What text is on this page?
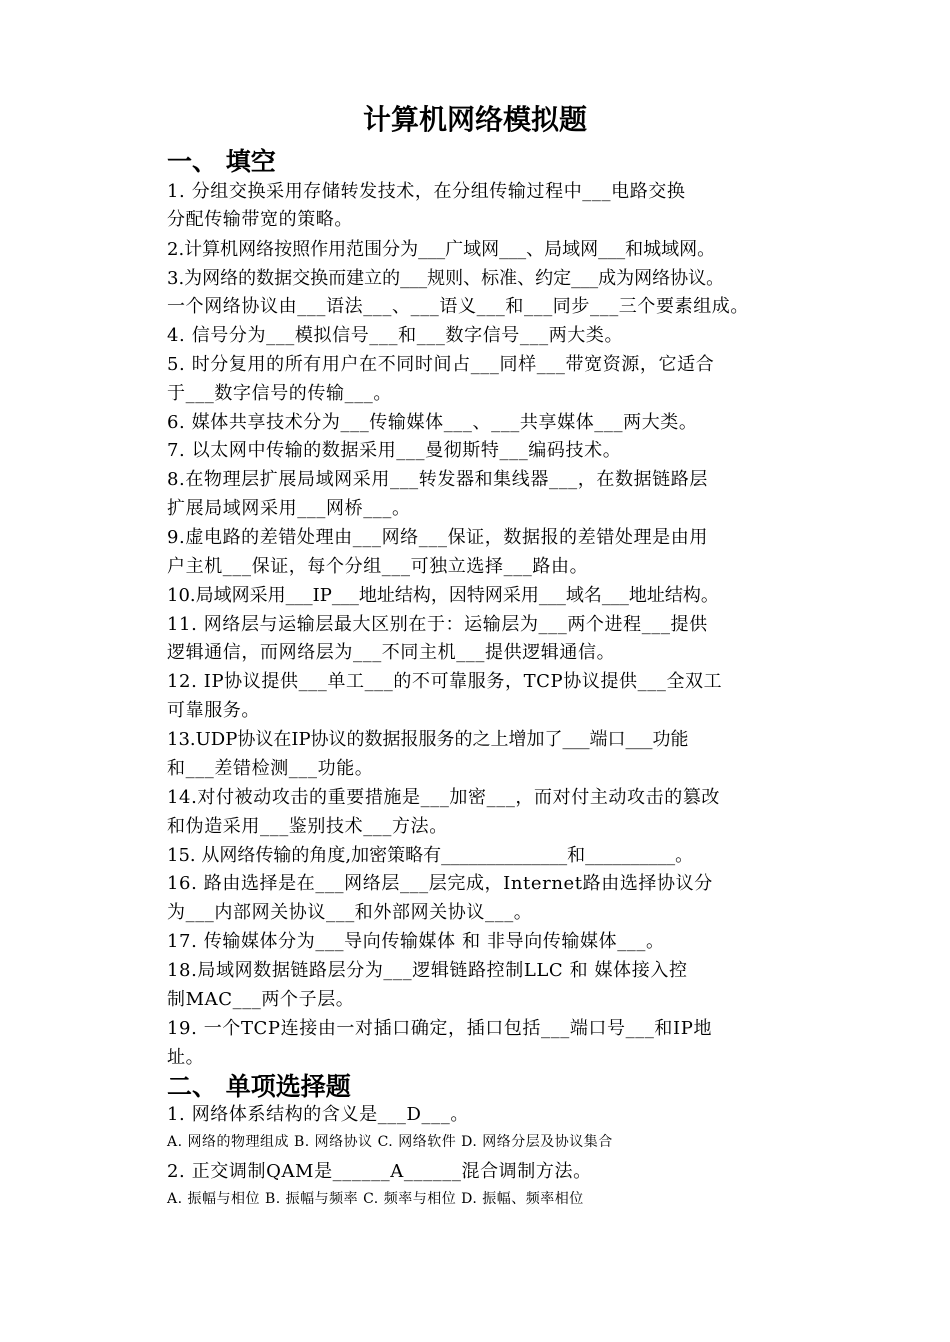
计算机网络模拟题
一、 填空
1. 分组交换采用存储转发技术，在分组传输过程中___电路交换
分配传输带宽的策略。
2.计算机网络按照作用范围分为___广域网___、局域网___和城域网。
3.为网络的数据交换而建立的___规则、标准、约定___成为网络协议。
一个网络协议由___语法___、___语义___和___同步___三个要素组成。
4. 信号分为___模拟信号___和___数字信号___两大类。
5. 时分复用的所有用户在不同时间占___同样___带宽资源，它适合
于___数字信号的传输___。
6. 媒体共享技术分为___传输媒体___、___共享媒体___两大类。
7. 以太网中传输的数据采用___曼彻斯特___编码技术。
8.在物理层扩展局域网采用___转发器和集线器___，在数据链路层
扩展局域网采用___网桥___。
9.虚电路的差错处理由___网络___保证，数据报的差错处理是由用
户主机___保证，每个分组___可独立选择___路由。
10.局域网采用___IP___地址结构，因特网采用___域名___地址结构。
11. 网络层与运输层最大区别在于：运输层为___两个进程___提供
逻辑通信，而网络层为___不同主机___提供逻辑通信。
12. IP协议提供___单工___的不可靠服务，TCP协议提供___全双工
可靠服务。
13.UDP协议在IP协议的数据报服务的之上增加了___端口___功能
和___差错检测___功能。
14.对付被动攻击的重要措施是___加密___，而对付主动攻击的篡改
和伪造采用___鉴别技术___方法。
15. 从网络传输的角度,加密策略有______________和__________。
16. 路由选择是在___网络层___层完成，Internet路由选择协议分
为___内部网关协议___和外部网关协议___。
17. 传输媒体分为___导向传输媒体 和 非导向传输媒体___。
18.局域网数据链路层分为___逻辑链路控制LLC 和 媒体接入控
制MAC___两个子层。
19. 一个TCP连接由一对插口确定，插口包括___端口号___和IP地
址。
二、 单项选择题
1. 网络体系结构的含义是___D___。
A. 网络的物理组成 B. 网络协议 C. 网络软件 D. 网络分层及协议集合
2. 正交调制QAM是______A______混合调制方法。
A. 振幅与相位 B. 振幅与频率 C. 频率与相位 D. 振幅、频率相位
